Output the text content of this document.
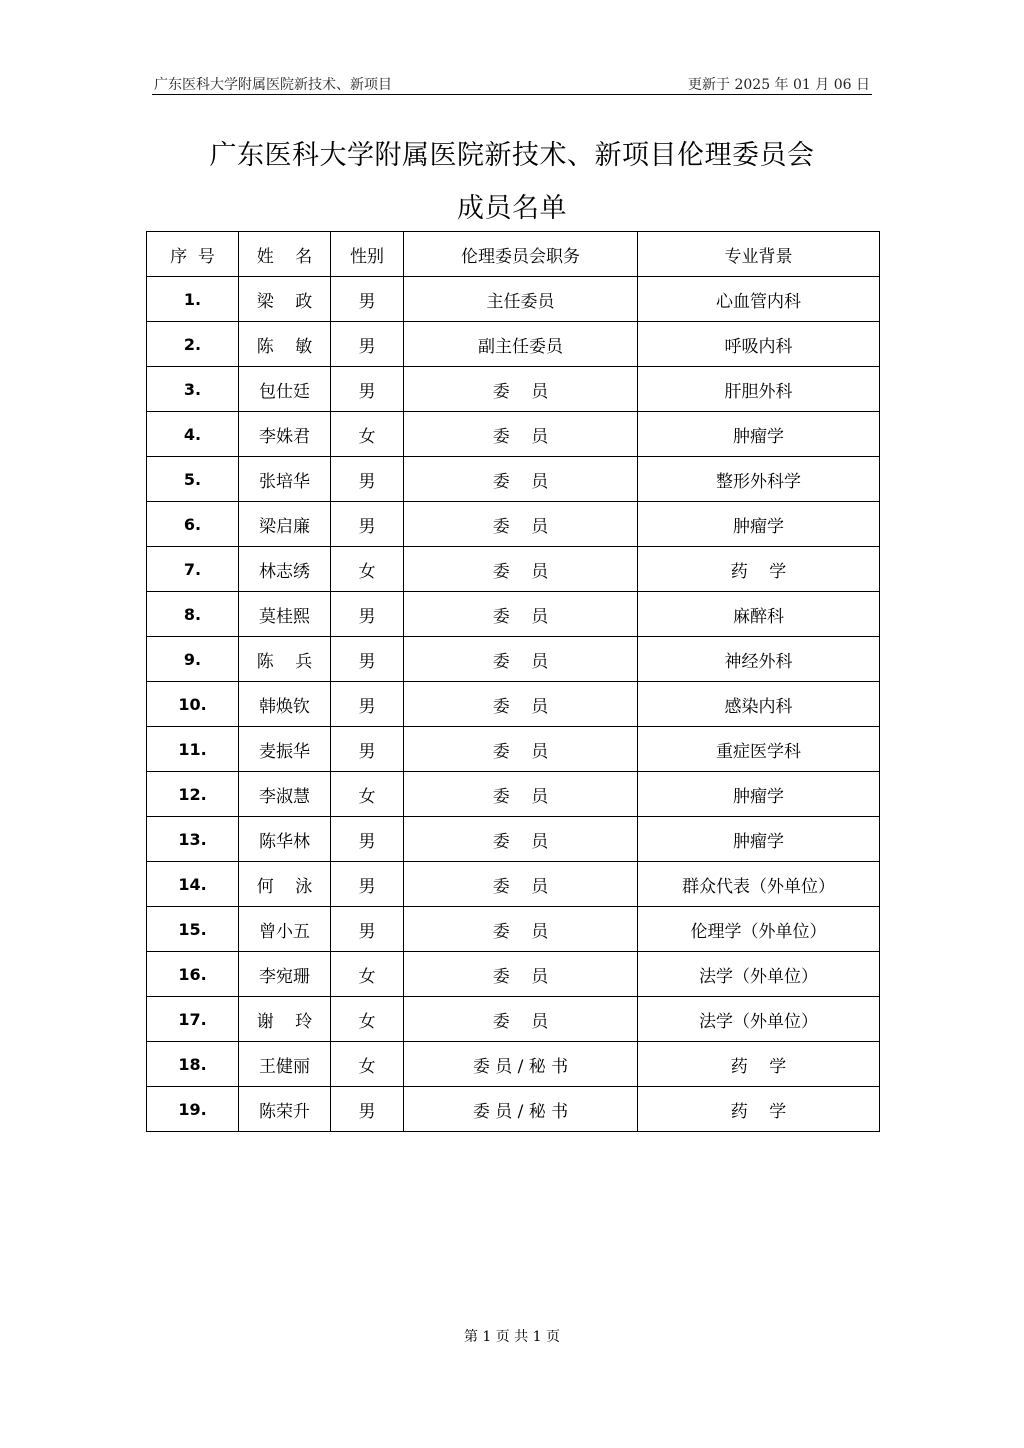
广东医科大学附属医院新技术、新项目	更新于 2025 年 01 月 06 日
广东医科大学附属医院新技术、新项目伦理委员会
成员名单
序  号	姓    名	性别	伦理委员会职务	专业背景
1.	梁    政	男	主任委员	心血管内科
2.	陈    敏	男	副主任委员	呼吸内科
3.	包仕廷	男	委    员	肝胆外科
4.	李姝君	女	委    员	肿瘤学
5.	张培华	男	委    员	整形外科学
6.	梁启廉	男	委    员	肿瘤学
7.	林志绣	女	委    员	药    学
8.	莫桂熙	男	委    员	麻醉科
9.	陈    兵	男	委    员	神经外科
10.	韩焕钦	男	委    员	感染内科
11.	麦振华	男	委    员	重症医学科
12.	李淑慧	女	委    员	肿瘤学
13.	陈华林	男	委    员	肿瘤学
14.	何    泳	男	委    员	群众代表（外单位）
15.	曾小五	男	委    员	伦理学（外单位）
16.	李宛珊	女	委    员	法学（外单位）
17.	谢    玲	女	委    员	法学（外单位）
18.	王健丽	女	委 员 / 秘 书	药    学
19.	陈荣升	男	委 员 / 秘 书	药    学
第 1 页 共 1 页
